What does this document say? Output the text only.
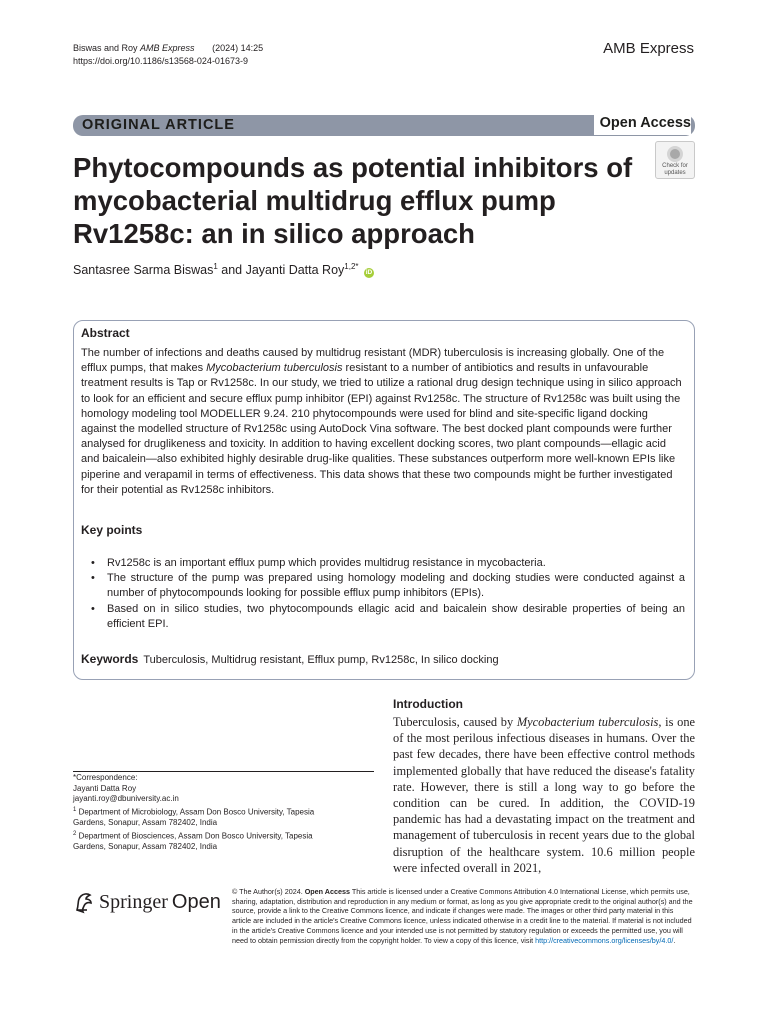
Biswas and Roy AMB Express (2024) 14:25
https://doi.org/10.1186/s13568-024-01673-9
AMB Express
ORIGINAL ARTICLE	Open Access
Phytocompounds as potential inhibitors of mycobacterial multidrug efflux pump Rv1258c: an in silico approach
Check for
updates
Santasree Sarma Biswas$^1$ and Jayanti Datta Roy$^{1,2*}$ iD
Abstract

The number of infections and deaths caused by multidrug resistant (MDR) tuberculosis is increasing globally. One of the efflux pumps, that makes Mycobacterium tuberculosis resistant to a number of antibiotics and results in unfavourable treatment results is Tap or Rv1258c. In our study, we tried to utilize a rational drug design technique using in silico approach to look for an efficient and secure efflux pump inhibitor (EPI) against Rv1258c. The structure of Rv1258c was built using the homology modeling tool MODELLER 9.24. 210 phytocompounds were used for blind and site-specific ligand docking against the modelled structure of Rv1258c using AutoDock Vina software. The best docked plant compounds were further analysed for druglikeness and toxicity. In addition to having excellent docking scores, two plant compounds—ellagic acid and baicalein—also exhibited highly desirable drug-like qualities. These substances outperform more well-known EPIs like piperine and verapamil in terms of effectiveness. This data shows that these two compounds might be further investigated for their potential as Rv1258c inhibitors.

Key points
• Rv1258c is an important efflux pump which provides multidrug resistance in mycobacteria.
• The structure of the pump was prepared using homology modeling and docking studies were conducted against a number of phytocompounds looking for possible efflux pump inhibitors (EPIs).
• Based on in silico studies, two phytocompounds ellagic acid and baicalein show desirable properties of being an efficient EPI.
Keywords Tuberculosis, Multidrug resistant, Efflux pump, Rv1258c, In silico docking
Introduction

Tuberculosis, caused by Mycobacterium tuberculosis, is one of the most perilous infectious diseases in humans. Over the past few decades, there have been effective control methods implemented globally that have reduced the disease's fatality rate. However, there is still a long way to go before the condition can be cured. In addition, the COVID-19 pandemic has had a devastating impact on the treatment and management of tuberculosis in recent years due to the global disruption of the healthcare system. 10.6 million people were infected overall in 2021,

*Correspondence:
Jayanti Datta Roy
jayanti.roy@dbuniversity.ac.in
$^1$ Department of Microbiology, Assam Don Bosco University, Tapesia Gardens, Sonapur, Assam 782402, India
$^2$ Department of Biosciences, Assam Don Bosco University, Tapesia Gardens, Sonapur, Assam 782402, India
Springer Open © The Author(s) 2024. Open Access This article is licensed under a Creative Commons Attribution 4.0 International License, which permits use, sharing, adaptation, distribution and reproduction in any medium or format, as long as you give appropriate credit to the original author(s) and the source, provide a link to the Creative Commons licence, and indicate if changes were made. The images or other third party material in this article are included in the article's Creative Commons licence, unless indicated otherwise in a credit line to the material. If material is not included in the article's Creative Commons licence and your intended use is not permitted by statutory regulation or exceeds the permitted use, you will need to obtain permission directly from the copyright holder. To view a copy of this licence, visit http://creativecommons.org/licenses/by/4.0/.
